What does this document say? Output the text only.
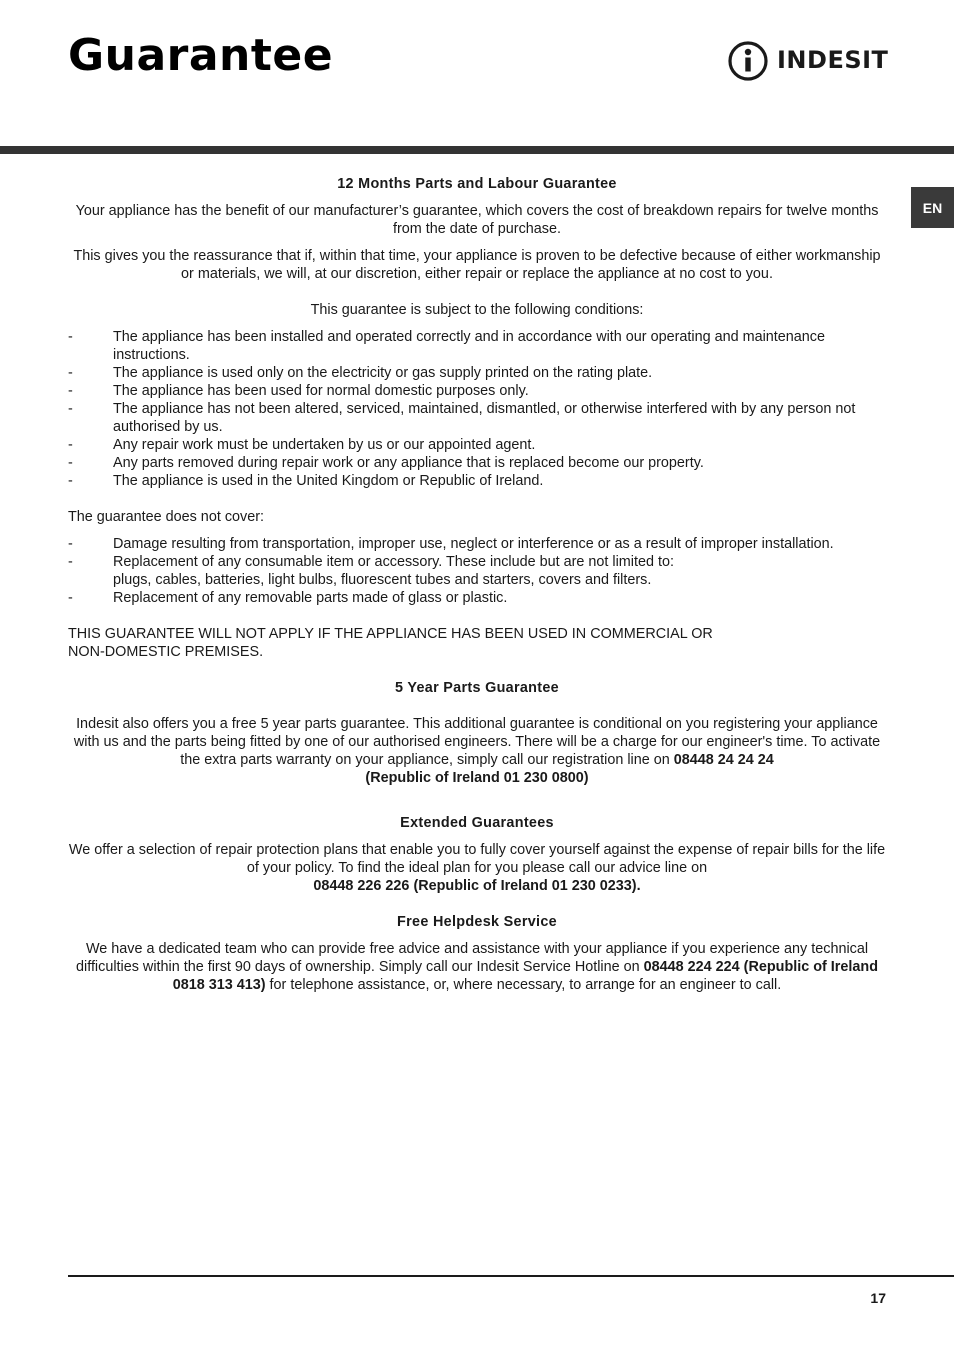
Guarantee	INDESIT
EN

12 Months Parts and Labour Guarantee

Your appliance has the benefit of our manufacturer’s guarantee, which covers the cost of breakdown repairs for twelve months from the date of purchase.

This gives you the reassurance that if, within that time, your appliance is proven to be defective because of either workmanship or materials, we will, at our discretion, either repair or replace the appliance at no cost to you.

This guarantee is subject to the following conditions:

- The appliance has been installed and operated correctly and in accordance with our operating and maintenance instructions.
- The appliance is used only on the electricity or gas supply printed on the rating plate.
- The appliance has been used for normal domestic purposes only.
- The appliance has not been altered, serviced, maintained, dismantled, or otherwise interfered with by any person not authorised by us.
- Any repair work must be undertaken by us or our appointed agent.
- Any parts removed during repair work or any appliance that is replaced become our property.
- The appliance is used in the United Kingdom or Republic of Ireland.

The guarantee does not cover:

- Damage resulting from transportation, improper use, neglect or interference or as a result of improper installation.
- Replacement of any consumable item or accessory. These include but are not limited to:
plugs, cables, batteries, light bulbs, fluorescent tubes and starters, covers and filters.
- Replacement of any removable parts made of glass or plastic.

THIS GUARANTEE WILL NOT APPLY IF THE APPLIANCE HAS BEEN USED IN COMMERCIAL OR
NON-DOMESTIC PREMISES.

5 Year Parts Guarantee

Indesit also offers you a free 5 year parts guarantee. This additional guarantee is conditional on you registering your appliance with us and the parts being fitted by one of our authorised engineers. There will be a charge for our engineer's time. To activate the extra parts warranty on your appliance, simply call our registration line on 08448 24 24 24
(Republic of Ireland 01 230 0800)

Extended Guarantees

We offer a selection of repair protection plans that enable you to fully cover yourself against the expense of repair bills for the life of your policy. To find the ideal plan for you please call our advice line on
08448 226 226 (Republic of Ireland 01 230 0233).

Free Helpdesk Service

We have a dedicated team who can provide free advice and assistance with your appliance if you experience any technical difficulties within the first 90 days of ownership. Simply call our Indesit Service Hotline on 08448 224 224 (Republic of Ireland 0818 313 413) for telephone assistance, or, where necessary, to arrange for an engineer to call.

17
